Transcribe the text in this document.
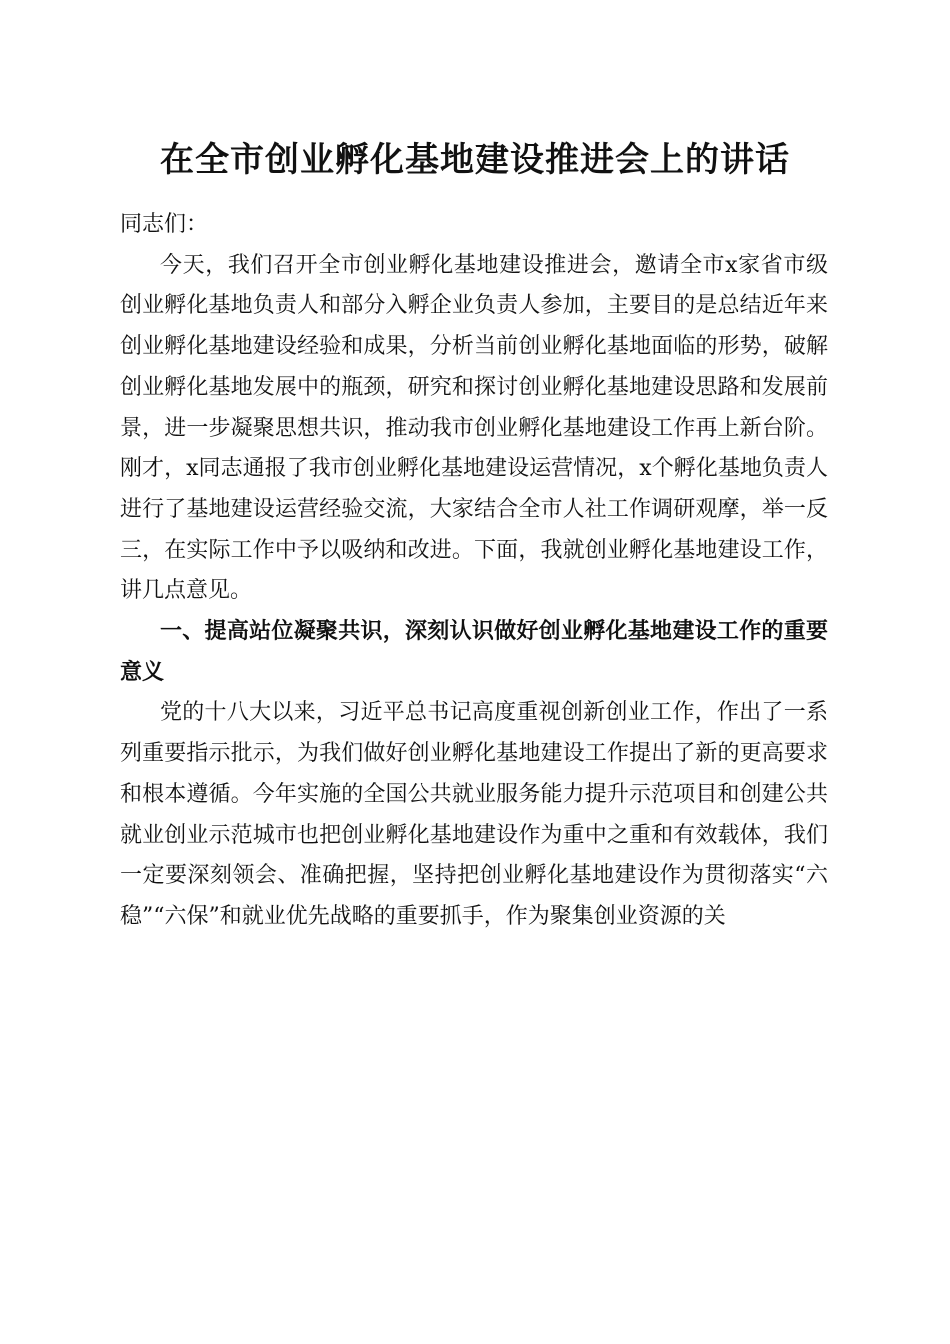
在全市创业孵化基地建设推进会上的讲话

同志们：

今天，我们召开全市创业孵化基地建设推进会，邀请全市x家省市级创业孵化基地负责人和部分入孵企业负责人参加，主要目的是总结近年来创业孵化基地建设经验和成果，分析当前创业孵化基地面临的形势，破解创业孵化基地发展中的瓶颈，研究和探讨创业孵化基地建设思路和发展前景，进一步凝聚思想共识，推动我市创业孵化基地建设工作再上新台阶。刚才，x同志通报了我市创业孵化基地建设运营情况，x个孵化基地负责人进行了基地建设运营经验交流，大家结合全市人社工作调研观摩，举一反三，在实际工作中予以吸纳和改进。下面，我就创业孵化基地建设工作，讲几点意见。

一、提高站位凝聚共识，深刻认识做好创业孵化基地建设工作的重要意义

党的十八大以来，习近平总书记高度重视创新创业工作，作出了一系列重要指示批示，为我们做好创业孵化基地建设工作提出了新的更高要求和根本遵循。今年实施的全国公共就业服务能力提升示范项目和创建公共就业创业示范城市也把创业孵化基地建设作为重中之重和有效载体，我们一定要深刻领会、准确把握，坚持把创业孵化基地建设作为贯彻落实“六稳”“六保”和就业优先战略的重要抓手，作为聚集创业资源的关
